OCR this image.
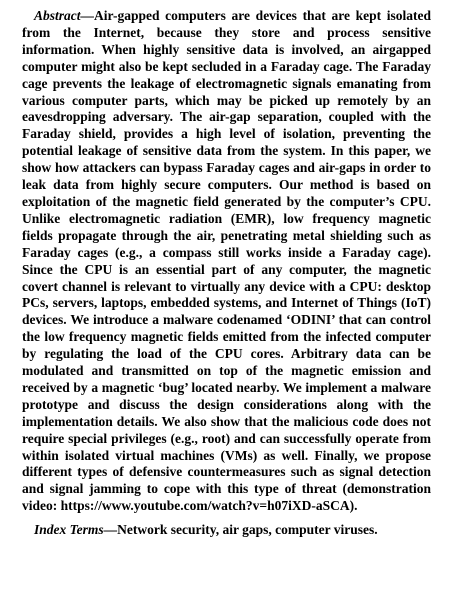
Abstract—Air-gapped computers are devices that are kept isolated from the Internet, because they store and process sensitive information. When highly sensitive data is involved, an airgapped computer might also be kept secluded in a Faraday cage. The Faraday cage prevents the leakage of electromagnetic signals emanating from various computer parts, which may be picked up remotely by an eavesdropping adversary. The air-gap separation, coupled with the Faraday shield, provides a high level of isolation, preventing the potential leakage of sensitive data from the system. In this paper, we show how attackers can bypass Faraday cages and air-gaps in order to leak data from highly secure computers. Our method is based on exploitation of the magnetic field generated by the computer’s CPU. Unlike electromagnetic radiation (EMR), low frequency magnetic fields propagate through the air, penetrating metal shielding such as Faraday cages (e.g., a compass still works inside a Faraday cage). Since the CPU is an essential part of any computer, the magnetic covert channel is relevant to virtually any device with a CPU: desktop PCs, servers, laptops, embedded systems, and Internet of Things (IoT) devices. We introduce a malware codenamed ‘ODINI’ that can control the low frequency magnetic fields emitted from the infected computer by regulating the load of the CPU cores. Arbitrary data can be modulated and transmitted on top of the magnetic emission and received by a magnetic ‘bug’ located nearby. We implement a malware prototype and discuss the design considerations along with the implementation details. We also show that the malicious code does not require special privileges (e.g., root) and can successfully operate from within isolated virtual machines (VMs) as well. Finally, we propose different types of defensive countermeasures such as signal detection and signal jamming to cope with this type of threat (demonstration video: https://www.youtube.com/watch?v=h07iXD-aSCA).

Index Terms—Network security, air gaps, computer viruses.
